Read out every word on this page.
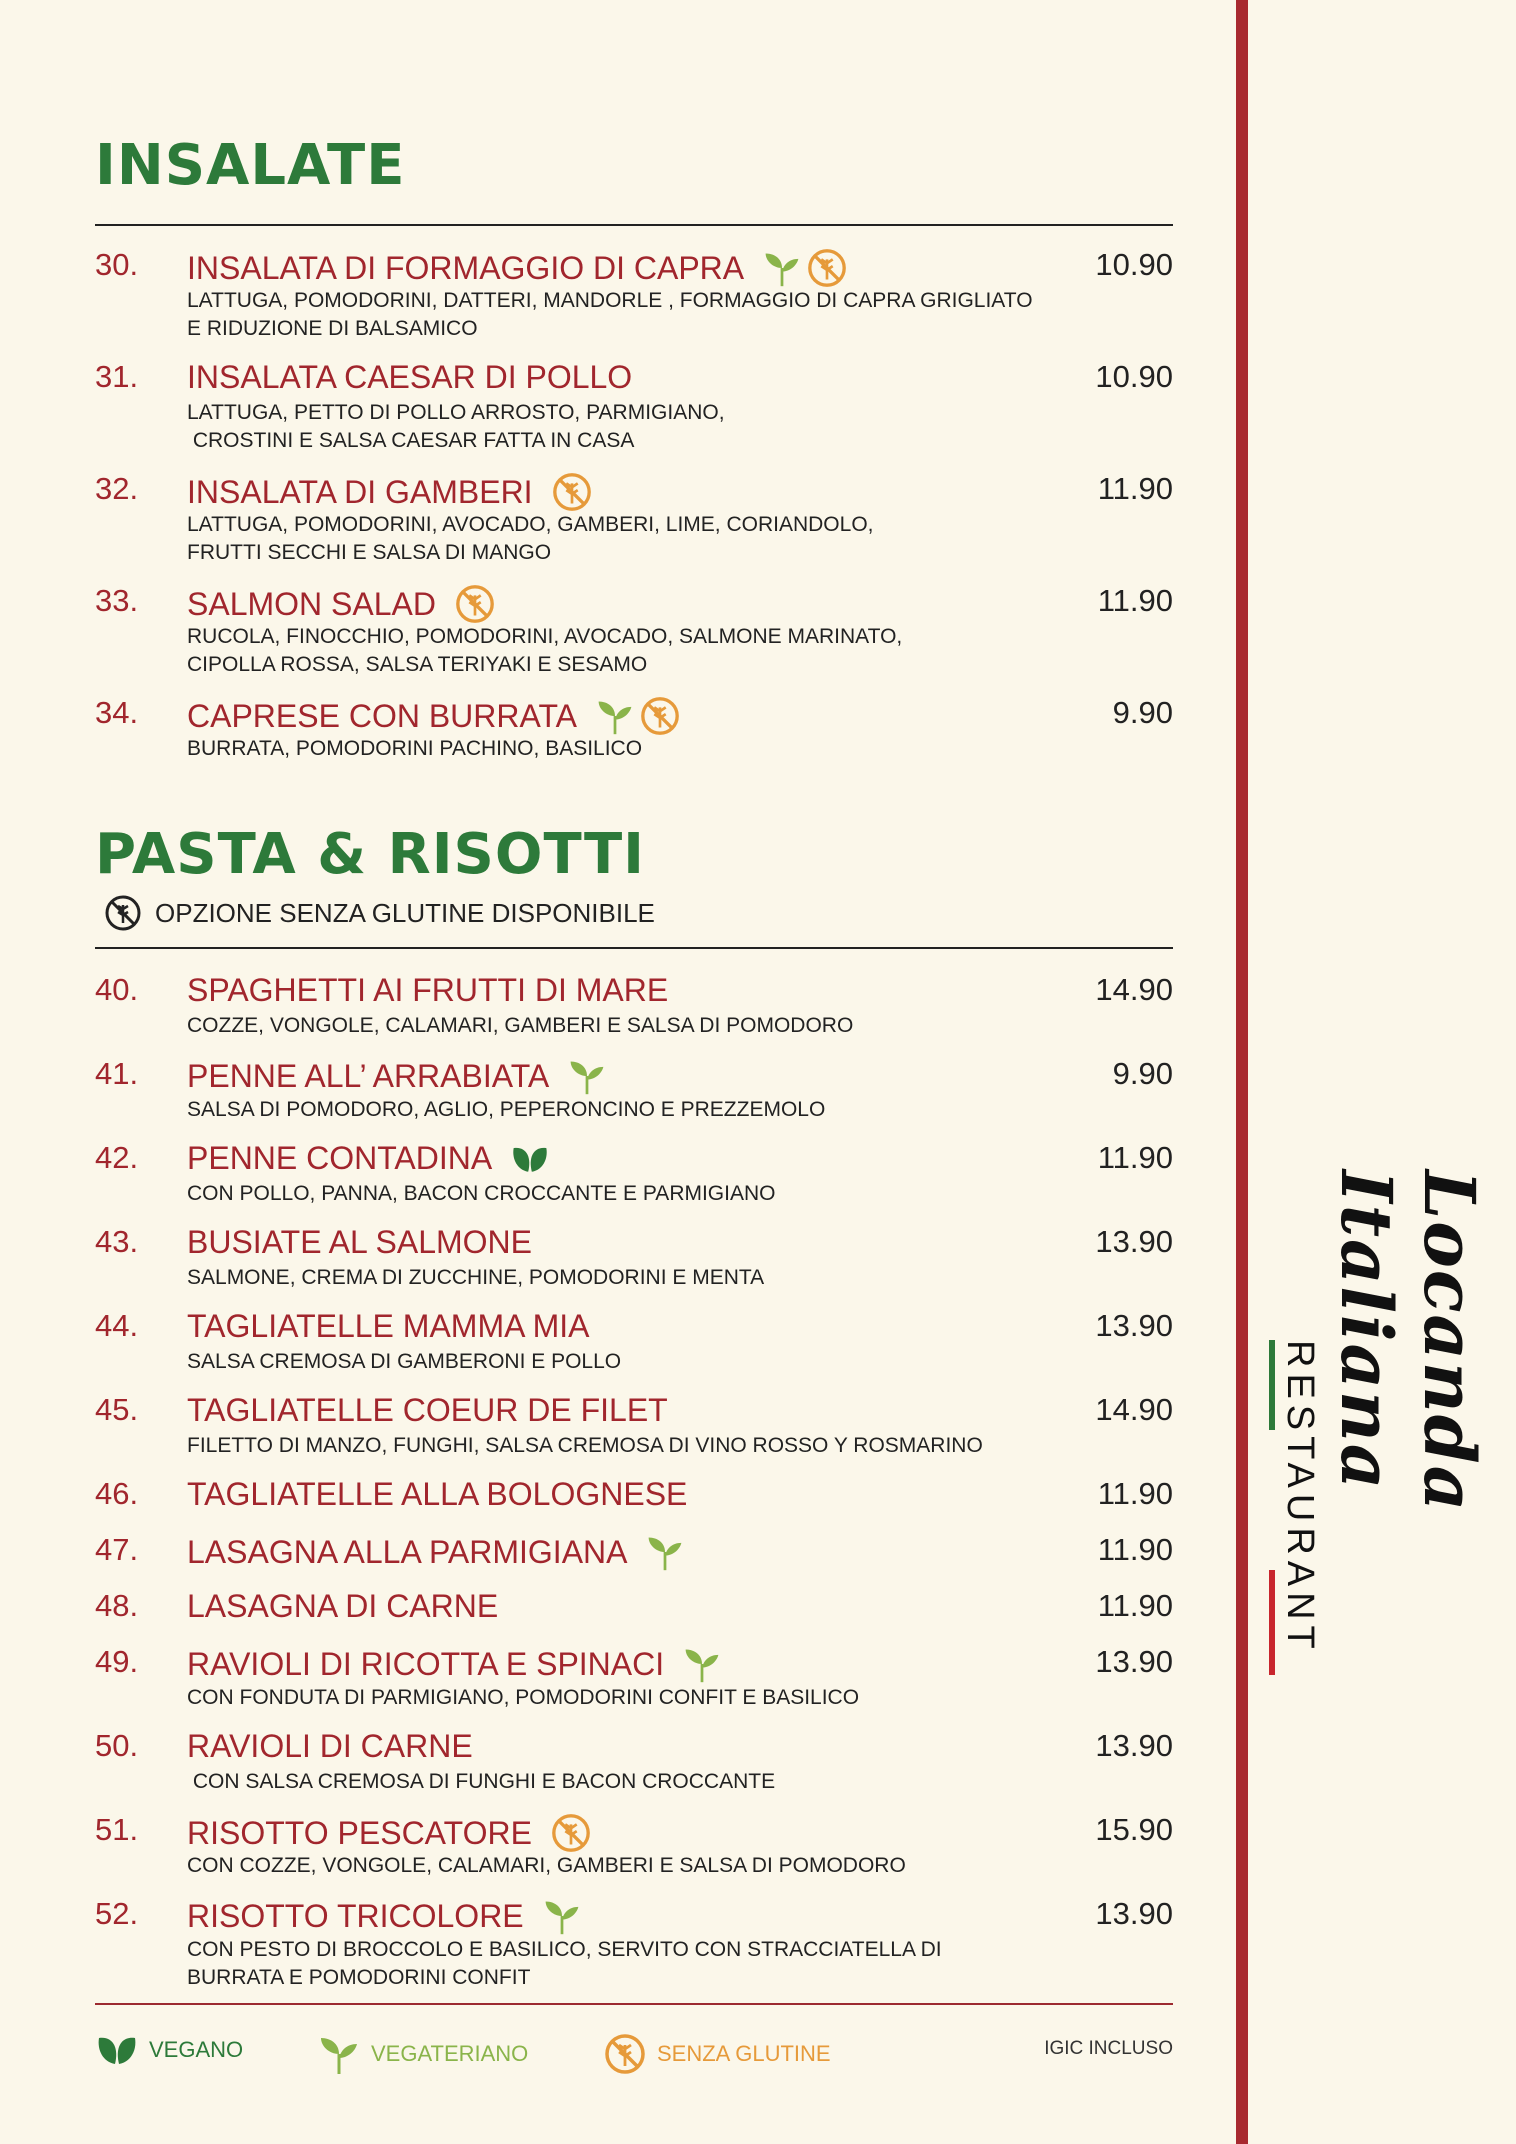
INSALATE
30. INSALATA DI FORMAGGIO DI CAPRA	10.90
LATTUGA, POMODORINI, DATTERI, MANDORLE , FORMAGGIO DI CAPRA GRIGLIATO
E RIDUZIONE DI BALSAMICO
31. INSALATA CAESAR DI POLLO	10.90
LATTUGA, PETTO DI POLLO ARROSTO, PARMIGIANO,
CROSTINI E SALSA CAESAR FATTA IN CASA
32. INSALATA DI GAMBERI	11.90
LATTUGA, POMODORINI, AVOCADO, GAMBERI, LIME, CORIANDOLO,
FRUTTI SECCHI E SALSA DI MANGO
33. SALMON SALAD	11.90
RUCOLA, FINOCCHIO, POMODORINI, AVOCADO, SALMONE MARINATO,
CIPOLLA ROSSA, SALSA TERIYAKI E SESAMO
34. CAPRESE CON BURRATA	9.90
BURRATA, POMODORINI PACHINO, BASILICO
PASTA & RISOTTI
OPZIONE SENZA GLUTINE DISPONIBILE
40. SPAGHETTI AI FRUTTI DI MARE	14.90
COZZE, VONGOLE, CALAMARI, GAMBERI E SALSA DI POMODORO
41. PENNE ALL’ ARRABIATA	9.90
SALSA DI POMODORO, AGLIO, PEPERONCINO E PREZZEMOLO
42. PENNE CONTADINA	11.90
CON POLLO, PANNA, BACON CROCCANTE E PARMIGIANO
43. BUSIATE AL SALMONE	13.90
SALMONE, CREMA DI ZUCCHINE, POMODORINI E MENTA
44. TAGLIATELLE MAMMA MIA	13.90
SALSA CREMOSA DI GAMBERONI E POLLO
45. TAGLIATELLE COEUR DE FILET	14.90
FILETTO DI MANZO, FUNGHI, SALSA CREMOSA DI VINO ROSSO Y ROSMARINO
46. TAGLIATELLE ALLA BOLOGNESE	11.90
47. LASAGNA ALLA PARMIGIANA	11.90
48. LASAGNA DI CARNE	11.90
49. RAVIOLI DI RICOTTA E SPINACI	13.90
CON FONDUTA DI PARMIGIANO, POMODORINI CONFIT E BASILICO
50. RAVIOLI DI CARNE	13.90
CON SALSA CREMOSA DI FUNGHI E BACON CROCCANTE
51. RISOTTO PESCATORE	15.90
CON COZZE, VONGOLE, CALAMARI, GAMBERI E SALSA DI POMODORO
52. RISOTTO TRICOLORE	13.90
CON PESTO DI BROCCOLO E BASILICO, SERVITO CON STRACCIATELLA DI
BURRATA E POMODORINI CONFIT
VEGANO	VEGATERIANO	SENZA GLUTINE	IGIC INCLUSO
RESTAURANT	Locanda Italiana
